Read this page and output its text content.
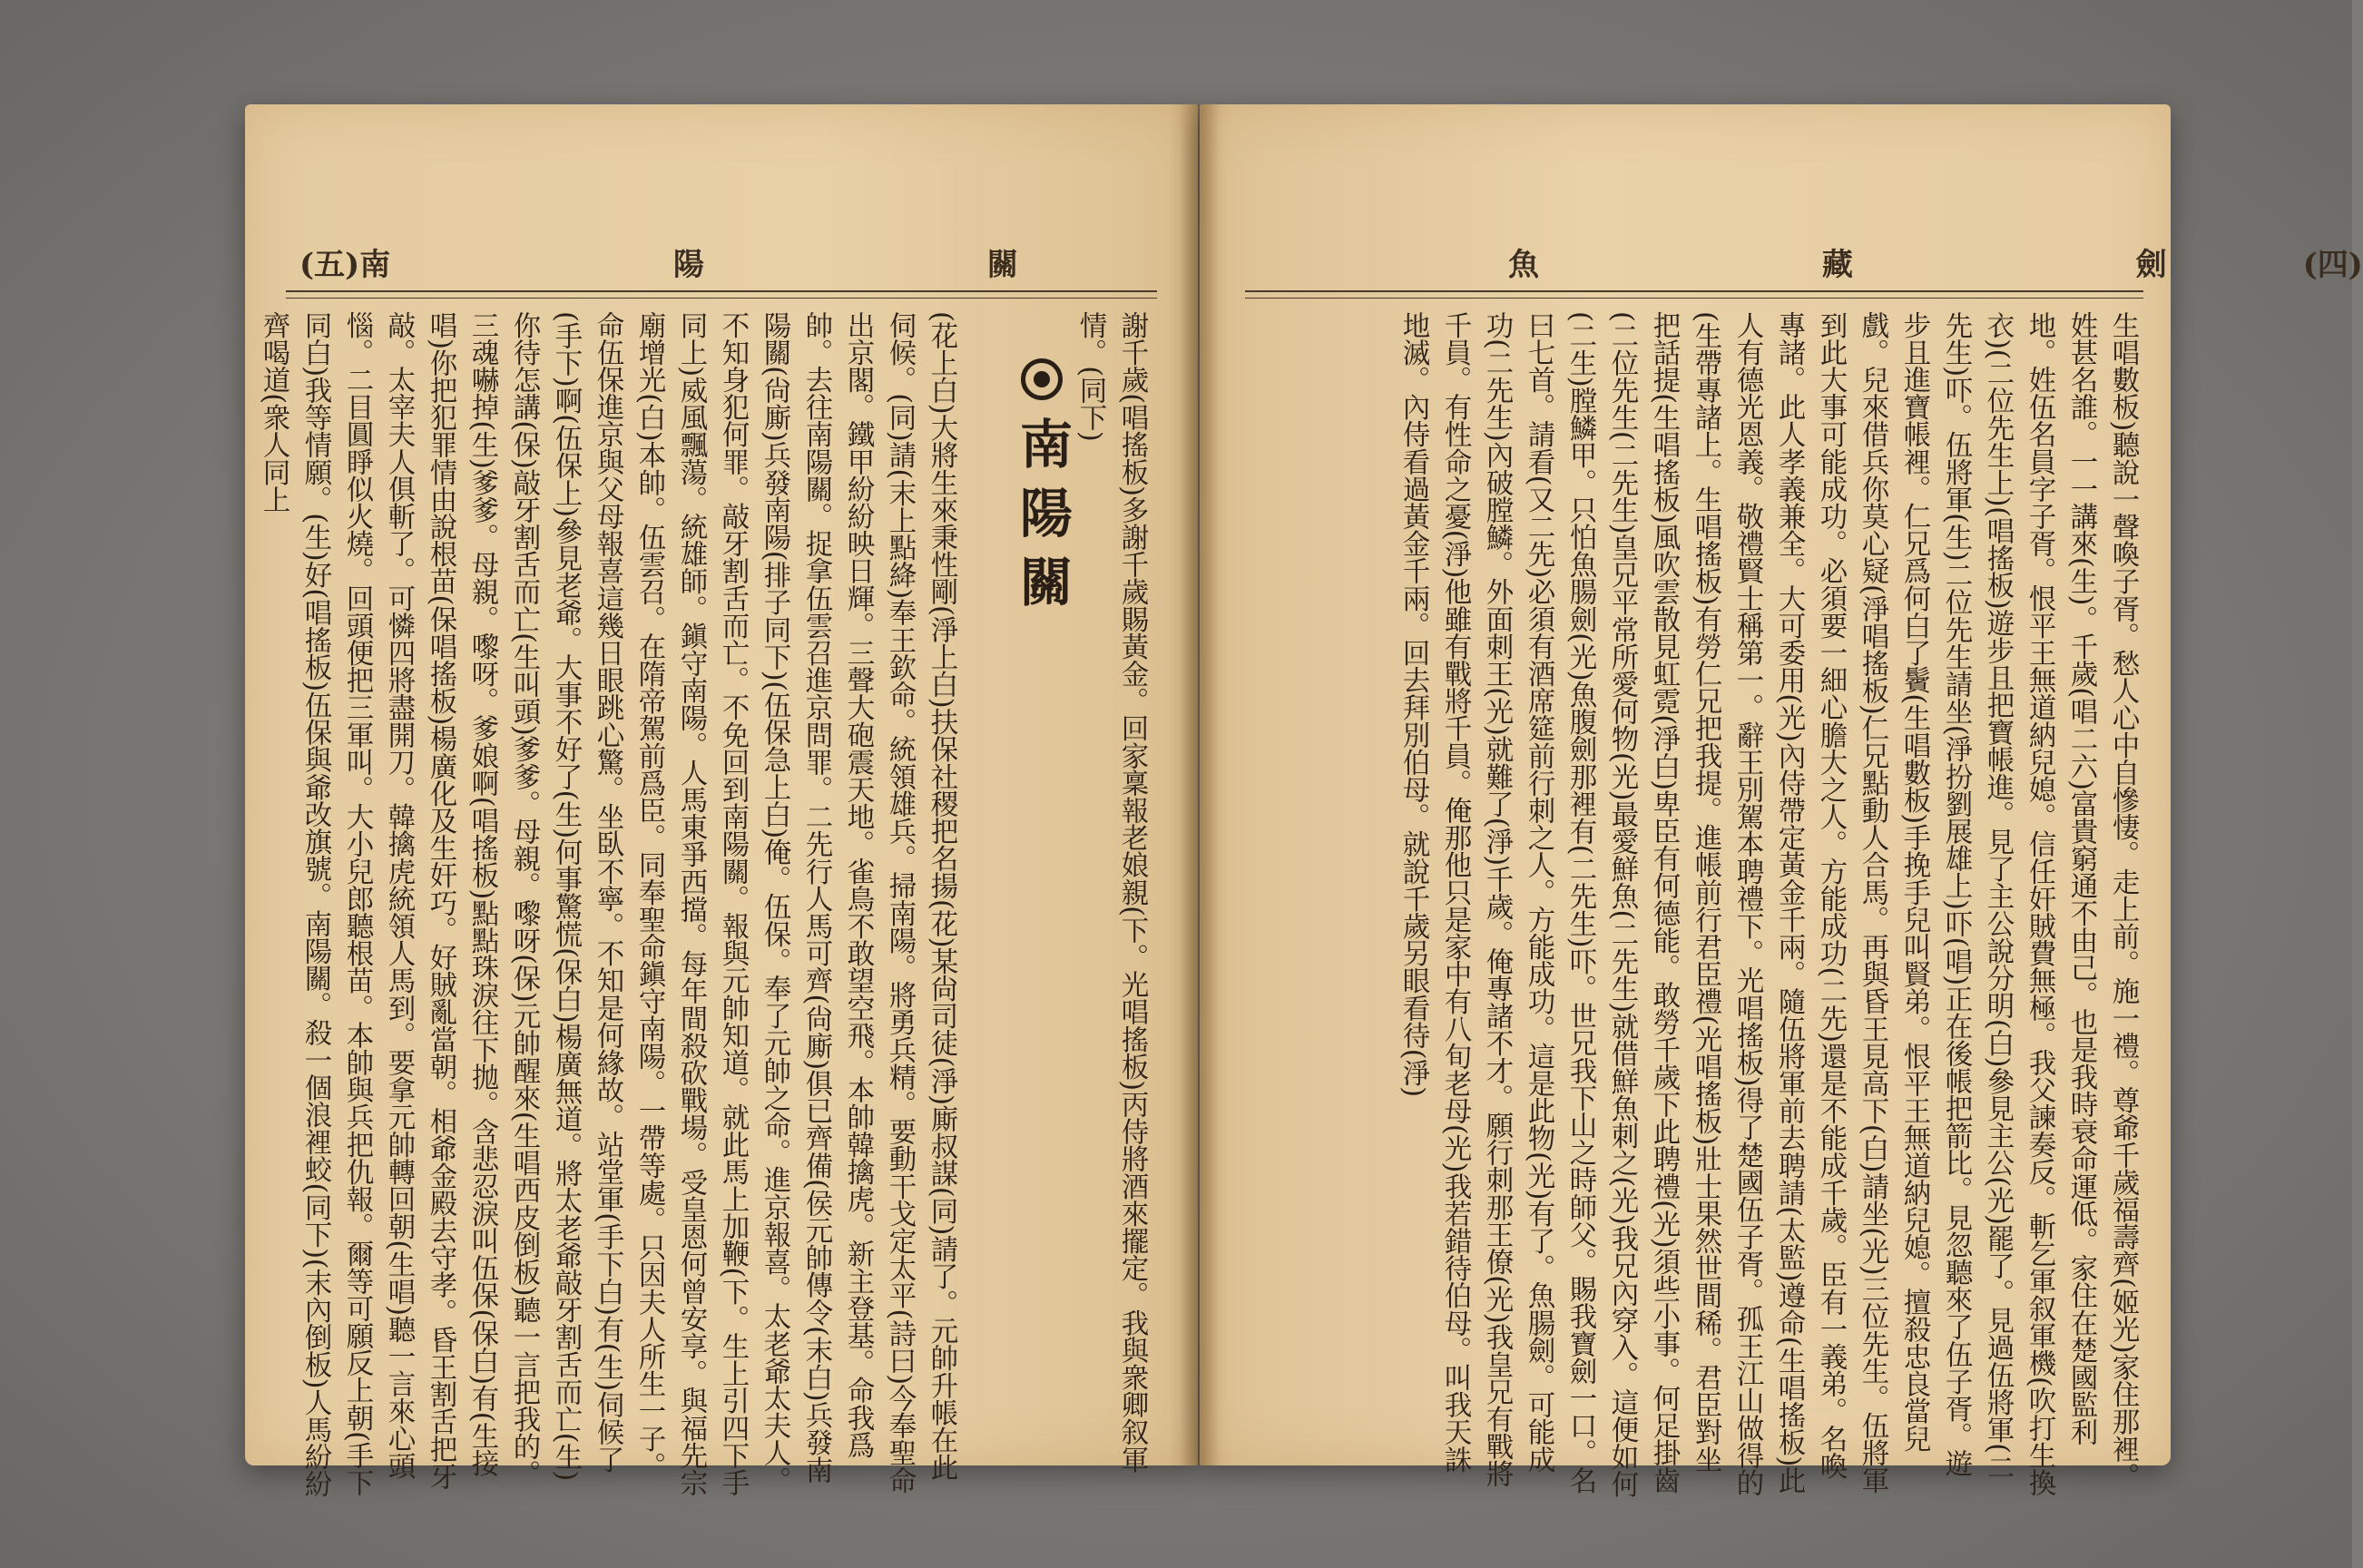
(五) 南 陽 關
南陽關	謝千歲(唱搖板)多謝千歲賜黃金。回家稟報老娘親(下。光唱搖板)丙侍將酒來擺定。我與衆卿叙軍情。(同下)

(花上白)大將生來秉性剛(淨上白)扶保社稷把名揚(花)某尙司徒(淨)廝叔謀(同)請了。元帥升帳在此伺候。(同)請(末上點絳)奉王欽命。統領雄兵。掃南陽。將勇兵精。要動干戈定太平(詩曰)今奉聖命出京閣。鐵甲紛紛映日輝。三聲大砲震天地。雀鳥不敢望空飛。本帥韓擒虎。新主登基。命我爲帥。去往南陽關。捉拿伍雲召進京問罪。二先行人馬可齊(尙廝)俱已齊備(侯元帥傳令(末白)兵發南陽關(尙廝)兵發南陽(排子同下)(伍保急上白)俺。伍保。奉了元帥之命。進京報喜。太老爺太夫人。不知身犯何罪。敲牙割舌而亡。不免回到南陽關。報與元帥知道。就此馬上加鞭(下。生上引四下手同上)威風飄蕩。統雄師。鎭守南陽。人馬東爭西擋。每年間殺砍戰場。受皇恩何曾安享。與福先宗廟增光(白)本帥。伍雲召。在隋帝駕前爲臣。同奉聖命鎭守南陽。一帶等處。只因夫人所生一子。命伍保進京與父母報喜這幾日眼跳心驚。坐臥不寧。不知是何緣故。站堂軍(手下白)有(生)伺候了(手下)啊(伍保上)參見老爺。大事不好了(生)何事驚慌(保白)楊廣無道。將太老爺敲牙割舌而亡(生)你待怎講(保)敲牙割舌而亡(生叫頭)爹爹。母親。嚟呀(保)元帥醒來(生唱西皮倒板)聽一言把我的。三魂嚇掉(生)爹爹。母親。嚟呀。爹娘啊(唱搖板)點點珠淚往下拋。含悲忍淚叫伍保(保白)有(生接唱)你把犯罪情由說根苗(保唱搖板)楊廣化及生奸巧。好賊亂當朝。相爺金殿去守孝。昏王割舌把牙敲。太宰夫人俱斬了。可憐四將盡開刀。韓擒虎統領人馬到。要拿元帥轉回朝(生唱)聽一言來心頭惱。二目圓睜似火燒。回頭便把三軍叫。大小兒郎聽根苗。本帥與兵把仇報。爾等可願反上朝(手下同白)我等情願。(生)好(唱搖板)伍保與爺改旗號。南陽關。殺一個浪裡蛟(同下)(末內倒板)人馬紛紛齊喝道(衆人同上

魚 藏 劍 (四)

生唱數板)聽說一聲喚子胥。愁人心中自慘悽。走上前。施一禮。尊爺千歲福壽齊(姬光)家住那裡。姓甚名誰。一一講來(生)。千歲(唱二六)富貴窮通不由己。也是我時衰命運低。家住在楚國監利地。姓伍名員字子胥。恨平王無道納兒媳。信任奸賊費無極。我父諫奏反。斬乞軍叙軍機(吹打生換衣)(二位先生上)(唱搖板)遊步且把寶帳進。見了主公說分明(白)參見主公(光)罷了。見過伍將軍(二先生)吓。伍將軍(生)二位先生請坐(淨扮劉展雄上)吓(唱)正在後帳把箭比。見忽聽來了伍子胥。遊步且進寶帳裡。仁兄爲何白了鬢(生唱數板)手挽手兒叫賢弟。恨平王無道納兒媳。擅殺忠良當兒戲。兒來借兵你莫心疑(淨唱搖板)仁兄點動人合馬。再與昏王見高下(白)請坐(光)三位先生。伍將軍到此大事可能成功。必須要一細心膽大之人。方能成功(二先)還是不能成千歲。臣有一義弟。名喚專諸。此人孝義兼全。大可委用(光)內侍帶定黃金千兩。隨伍將軍前去聘請(太監)遵命(生唱搖板)此人有德光恩義。敬禮賢士稱第一。辭王別駕本聘禮下。光唱搖板)得了楚國伍子胥。孤王江山做得的(生帶專諸上。生唱搖板)有勞仁兄把我提。進帳前行君臣禮(光唱搖板)壯士果然世間稀。君臣對坐把話提(生唱搖板)風吹雲散見虹霓(淨白)卑臣有何德能。敢勞千歲下此聘禮(光)須些小事。何足掛齒(二位先生(二先生)皇兄平常所愛何物(光)最愛鮮魚(二先生)就借鮮魚刺之(光)我兄內穿入。這便如何(二生)膛鱗甲。只怕魚腸劍(光)魚腹劍那裡有(二先生)吓。世兄我下山之時師父。賜我寶劍一口。名曰七首。請看(又二先)必須有酒席筵前行刺之人。方能成功。這是此物(光)有了。魚腸劍。可能成功(二先生)內破膛鱗。外面刺王(光)就難了(淨)千歲。俺專諸不才。願行刺那王僚(光)我皇兄有戰將千員。有性命之憂(淨)他雖有戰將千員。俺那他只是家中有八旬老母(光)我若錯待伯母。叫我天誅地滅。內侍看過黃金千兩。回去拜別伯母。就說千歲另眼看待(淨)
